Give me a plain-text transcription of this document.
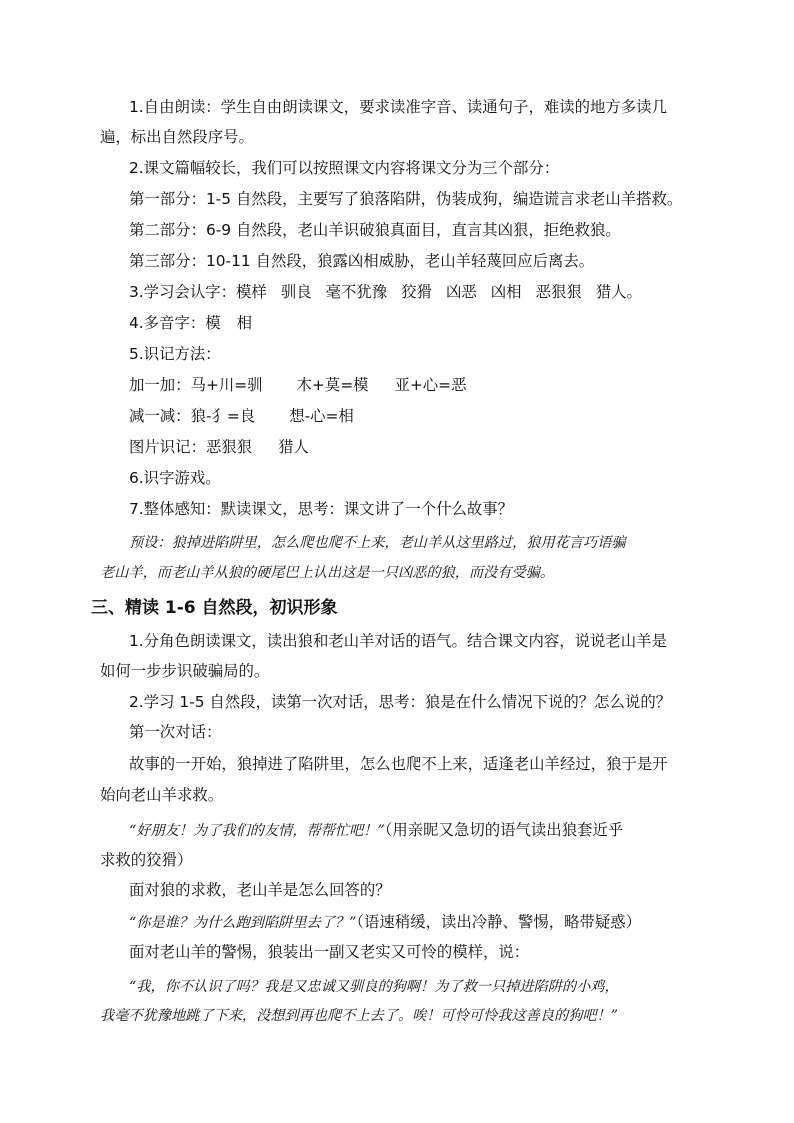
1.自由朗读：学生自由朗读课文，要求读准字音、读通句子，难读的地方多读几
遍，标出自然段序号。
2.课文篇幅较长，我们可以按照课文内容将课文分为三个部分：
第一部分：1-5 自然段，主要写了狼落陷阱，伪装成狗，编造谎言求老山羊搭救。
第二部分：6-9 自然段，老山羊识破狼真面目，直言其凶狠，拒绝救狼。
第三部分：10-11 自然段，狼露凶相威胁，老山羊轻蔑回应后离去。
3.学习会认字：模样 驯良 毫不犹豫 狡猾 凶恶 凶相 恶狠狠 猎人。
4.多音字：模 相
5.识记方法：
加一加：马+川=驯 木+莫=模 亚+心=恶
减一减：狼-犭=良 想-心=相
图片识记：恶狠狠 猎人
6.识字游戏。
7.整体感知：默读课文，思考：课文讲了一个什么故事？
预设：狼掉进陷阱里，怎么爬也爬不上来，老山羊从这里路过，狼用花言巧语骗
老山羊，而老山羊从狼的硬尾巴上认出这是一只凶恶的狼，而没有受骗。
三、精读 1-6 自然段，初识形象
1.分角色朗读课文，读出狼和老山羊对话的语气。结合课文内容，说说老山羊是
如何一步步识破骗局的。
2.学习 1-5 自然段，读第一次对话，思考：狼是在什么情况下说的？怎么说的？
第一次对话：
故事的一开始，狼掉进了陷阱里，怎么也爬不上来，适逢老山羊经过，狼于是开
始向老山羊求救。
“好朋友！为了我们的友情，帮帮忙吧！”（用亲昵又急切的语气读出狼套近乎
求救的狡猾）
面对狼的求救，老山羊是怎么回答的？
“你是谁？为什么跑到陷阱里去了？”（语速稍缓，读出冷静、警惕，略带疑惑）
面对老山羊的警惕，狼装出一副又老实又可怜的模样，说：
“我，你不认识了吗？我是又忠诚又驯良的狗啊！为了救一只掉进陷阱的小鸡，
我毫不犹豫地跳了下来，没想到再也爬不上去了。唉！可怜可怜我这善良的狗吧！”
